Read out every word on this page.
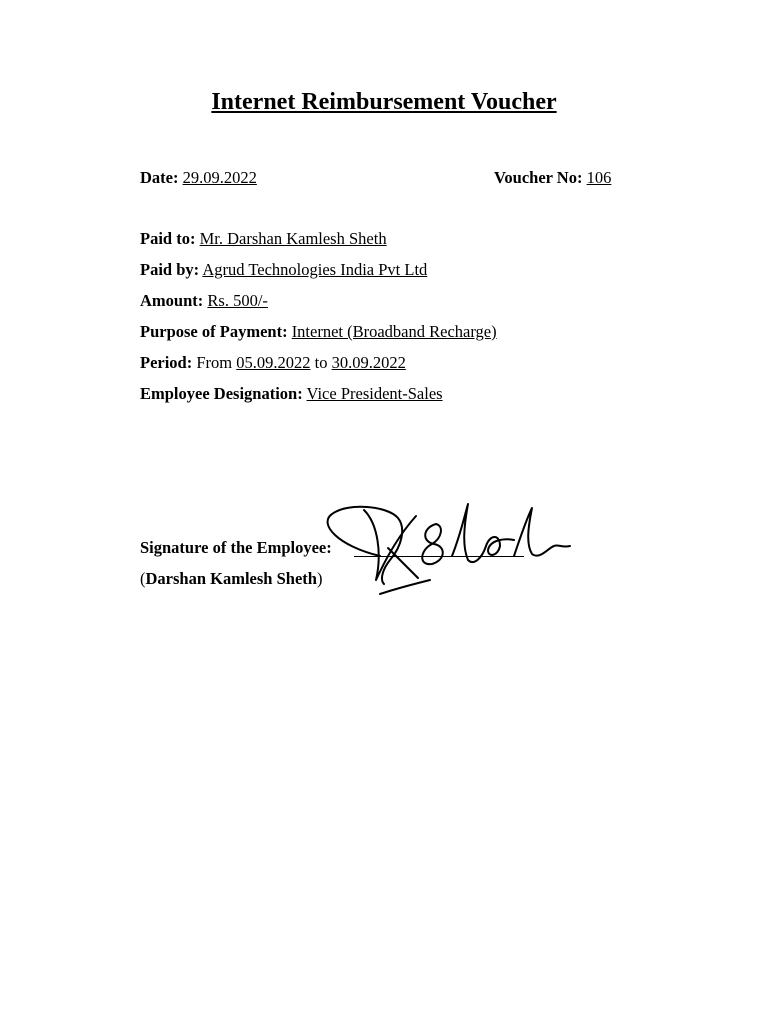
Internet Reimbursement Voucher
Date: 29.09.2022	Voucher No: 106
Paid to: Mr. Darshan Kamlesh Sheth
Paid by: Agrud Technologies India Pvt Ltd
Amount: Rs. 500/-
Purpose of Payment: Internet (Broadband Recharge)
Period: From 05.09.2022 to 30.09.2022
Employee Designation: Vice President-Sales
Signature of the Employee:
(Darshan Kamlesh Sheth)
